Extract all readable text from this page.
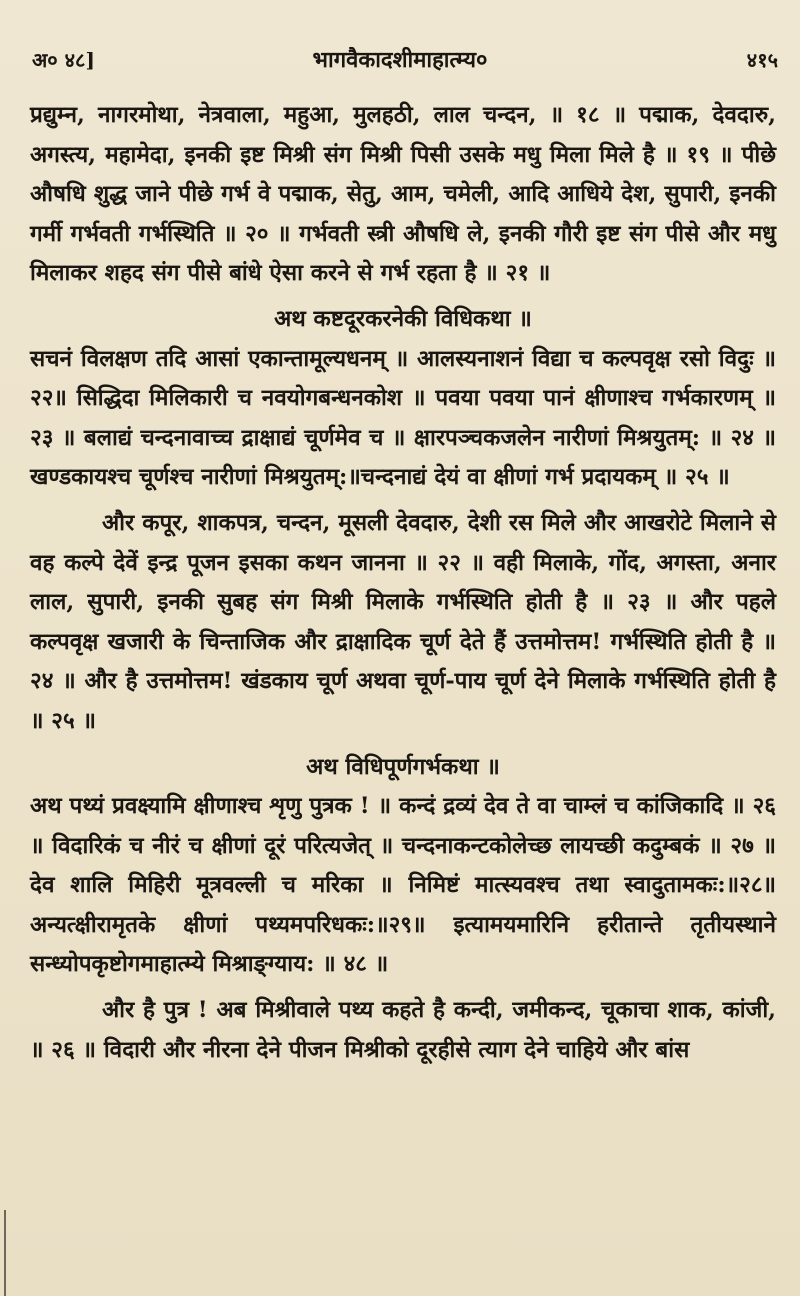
अ० ४८]	भागवैकादशीमाहात्म्य०	४१५

प्रद्युम्न, नागरमोथा, नेत्रवाला, महुआ, मुलहठी, लाल चन्दन, ॥ १८ ॥ पद्माक, देवदारु, अगस्त्य, महामेदा, इनकी इष्ट मिश्री संग मिश्री पिसी उसके मधु मिला मिले है ॥ १९ ॥ पीछे औषधि शुद्ध जाने पीछे गर्भ वे पद्माक, सेतु, आम, चमेली, आदि आधिये देश, सुपारी, इनकी गर्मी गर्भवती गर्भस्थिति ॥ २० ॥ गर्भवती स्त्री औषधि ले, इनकी गौरी इष्ट संग पीसे और मधु मिलाकर शहद संग पीसे बांधे ऐसा करने से गर्भ रहता है ॥ २१ ॥

अथ कष्टदूरकरनेकी विधिकथा ॥

सचनं विलक्षण तदि आसां एकान्तामूल्यधनम् ॥ आलस्यनाशनं विद्या च कल्पवृक्ष रसो विदुः ॥२२॥ सिद्धिदा मिलिकारी च नवयोगबन्धनकोश ॥ पवया पवया पानं क्षीणाश्च गर्भकारणम् ॥ २३ ॥ बलाद्यं चन्दनावाच्च द्राक्षाद्यं चूर्णमेव च ॥ क्षारपञ्चकजलेन नारीणां मिश्रयुतम्: ॥ २४ ॥ खण्डकायश्च चूर्णश्च नारीणां मिश्रयुतम्:॥चन्दनाद्यं देयं वा क्षीणां गर्भ प्रदायकम् ॥ २५ ॥

और कपूर, शाकपत्र, चन्दन, मूसली देवदारु, देशी रस मिले और आखरोटे मिलाने से वह कल्पे देवें इन्द्र पूजन इसका कथन जानना ॥ २२ ॥ वही मिलाके, गोंद, अगस्ता, अनार लाल, सुपारी, इनकी सुबह संग मिश्री मिलाके गर्भस्थिति होती है ॥ २३ ॥ और पहले कल्पवृक्ष खजारी के चिन्ताजिक और द्राक्षादिक चूर्ण देते हैं उत्तमोत्तम! गर्भस्थिति होती है ॥ २४ ॥ और है उत्तमोत्तम! खंडकाय चूर्ण अथवा चूर्ण-पाय चूर्ण देने मिलाके गर्भस्थिति होती है ॥ २५ ॥

अथ विधिपूर्णगर्भकथा ॥

अथ पथ्यं प्रवक्ष्यामि क्षीणाश्च शृणु पुत्रक ! ॥ कन्दं द्रव्यं देव ते वा चाम्लं च कांजिकादि ॥ २६ ॥ विदारिकं च नीरं च क्षीणां दूरं परित्यजेत् ॥ चन्दनाकन्टकोलेच्छ लायच्छी कदुम्बकं ॥ २७ ॥ देव शालि मिहिरी मूत्रवल्ली च मरिका ॥ निमिष्टं मात्स्यवश्च तथा स्वादुतामकः:॥२८॥ अन्यत्क्षीरामृतके क्षीणां पथ्यमपरिधकः:॥२९॥ इत्यामयमारिनि हरीतान्ते तृतीयस्थाने सन्ध्योपकृष्टोगमाहात्म्ये मिश्राङ्ग्याय: ॥ ४८ ॥

और है पुत्र ! अब मिश्रीवाले पथ्य कहते है कन्दी, जमीकन्द, चूकाचा शाक, कांजी, ॥ २६ ॥ विदारी और नीरना देने पीजन मिश्रीको दूरहीसे त्याग देने चाहिये और बांस
